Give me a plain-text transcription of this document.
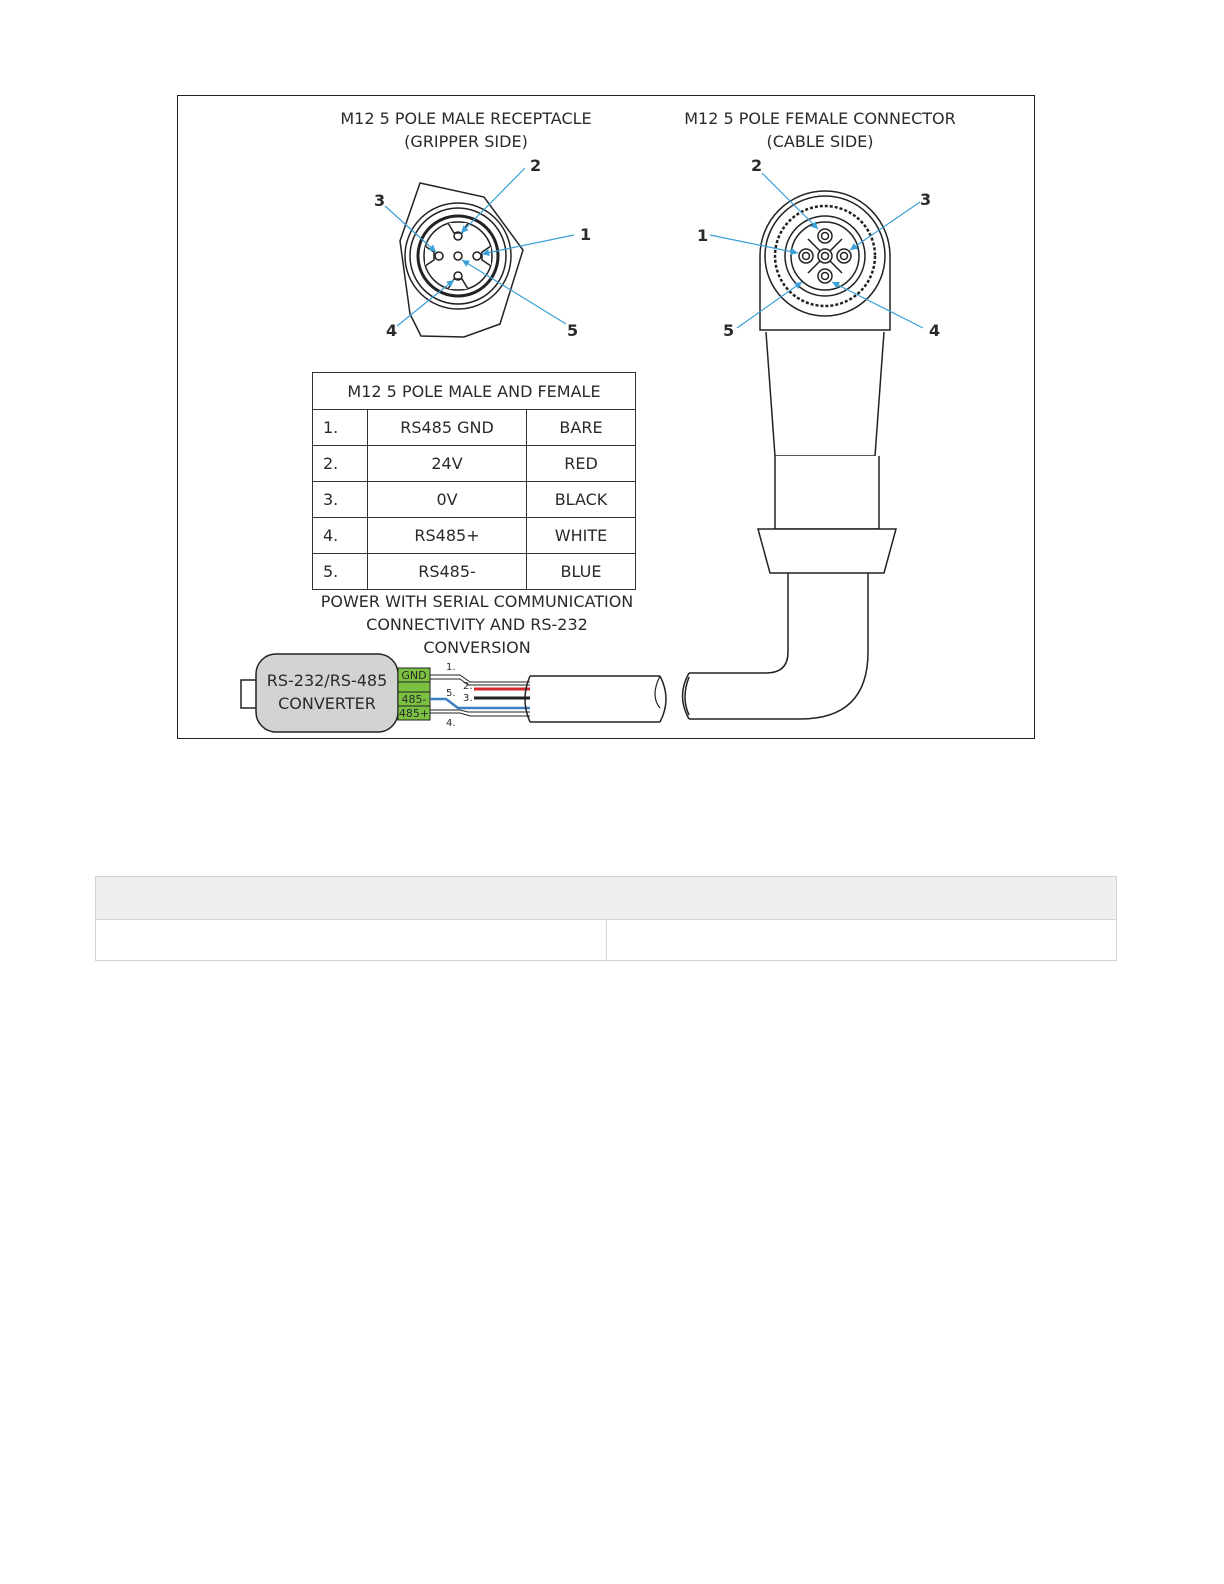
M12 5 POLE MALE RECEPTACLE
(GRIPPER SIDE)
M12 5 POLE FEMALE CONNECTOR
(CABLE SIDE)
2
1
3
4	5
2
3
1
5	4
RS-232/RS-485
CONVERTER
GND
485-
485+
1.
2.
5. 3.
4.
M12 5 POLE MALE AND FEMALE		
1.	RS485 GND	BARE
2.	24V	RED
3.	0V	BLACK
4.	RS485+	WHITE
5.	RS485-	BLUE
POWER WITH SERIAL COMMUNICATION
CONNECTIVITY AND RS-232 CONVERSION
